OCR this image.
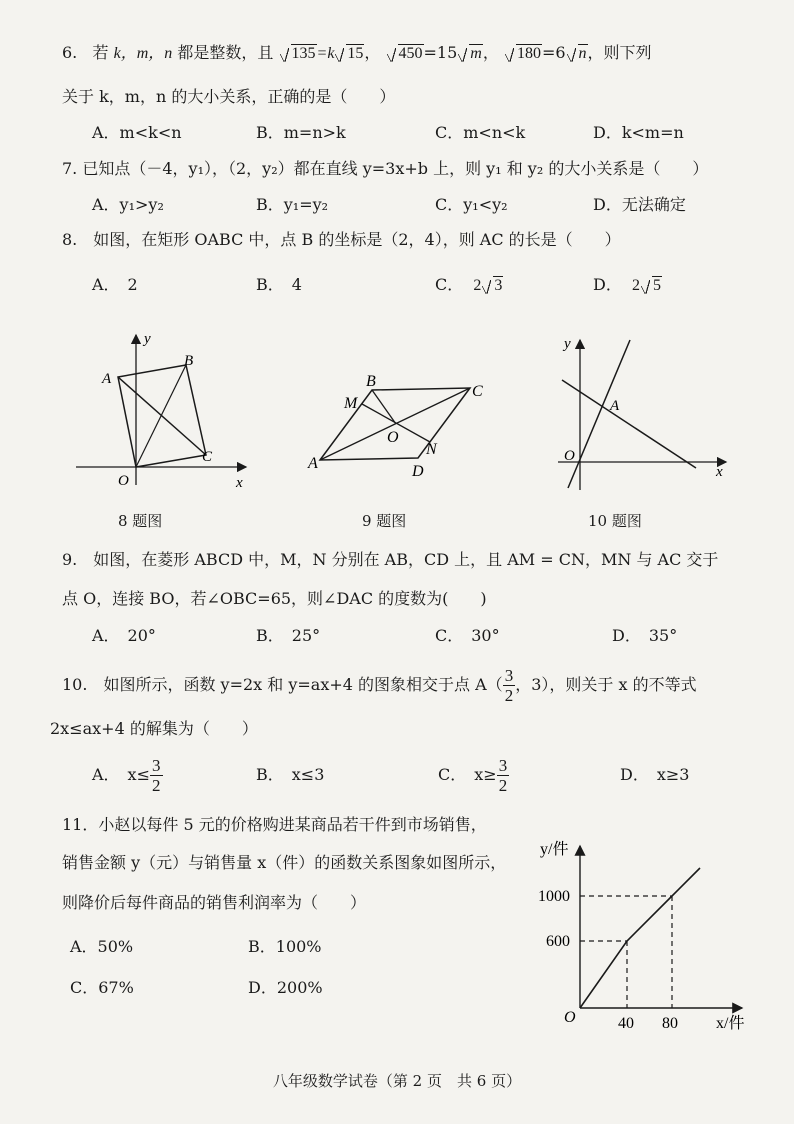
6. 若 k，m，n 都是整数，且 135=k 15， 450=15 m， 180=6 n，则下列
关于 k，m，n 的大小关系，正确的是（　　）
A．m<k<n	B．m=n>k	C．m<n<k	D．k<m=n
7. 已知点（－4，y₁），（2，y₂）都在直线 y=3x+b 上，则 y₁ 和 y₂ 的大小关系是（　　）
A．y₁>y₂	B．y₁=y₂	C．y₁<y₂	D．无法确定
8.　如图，在矩形 OABC 中，点 B 的坐标是（2，4），则 AC 的长是（　　）
A．　2	B．　4	C． 2 3	D． 2 5
y
x
O
A
B
C
8 题图
A
B
C
D
M
N
O
9 题图
y
x
O
A
10 题图
9.　如图，在菱形 ABCD 中，M，N 分别在 AB，CD 上，且 AM = CN，MN 与 AC 交于
点 O，连接 BO，若∠OBC=65，则∠DAC 的度数为(　　)
A．　20°	B．　25°	C．　30°	D．　35°
10.　如图所示，函数 y=2x 和 y=ax+4 的图象相交于点 $A( \frac{3}{2}$ ，3），则关于 x 的不等式
2x≤ax+4 的解集为（　　）
A．　$x\le \frac{3}{2}$	B．　x≤3	C．　$x\ge \frac{3}{2}$	D．　x≥3
11．小赵以每件 5 元的价格购进某商品若干件到市场销售，
销售金额 y（元）与销售量 x（件）的函数关系图象如图所示，
则降价后每件商品的销售利润率为（　　）
A．50%	B．100%
C．67%	D．200%
y/件
x/件
O
1000
600
40 80
八年级数学试卷（第 2 页　共 6 页）
